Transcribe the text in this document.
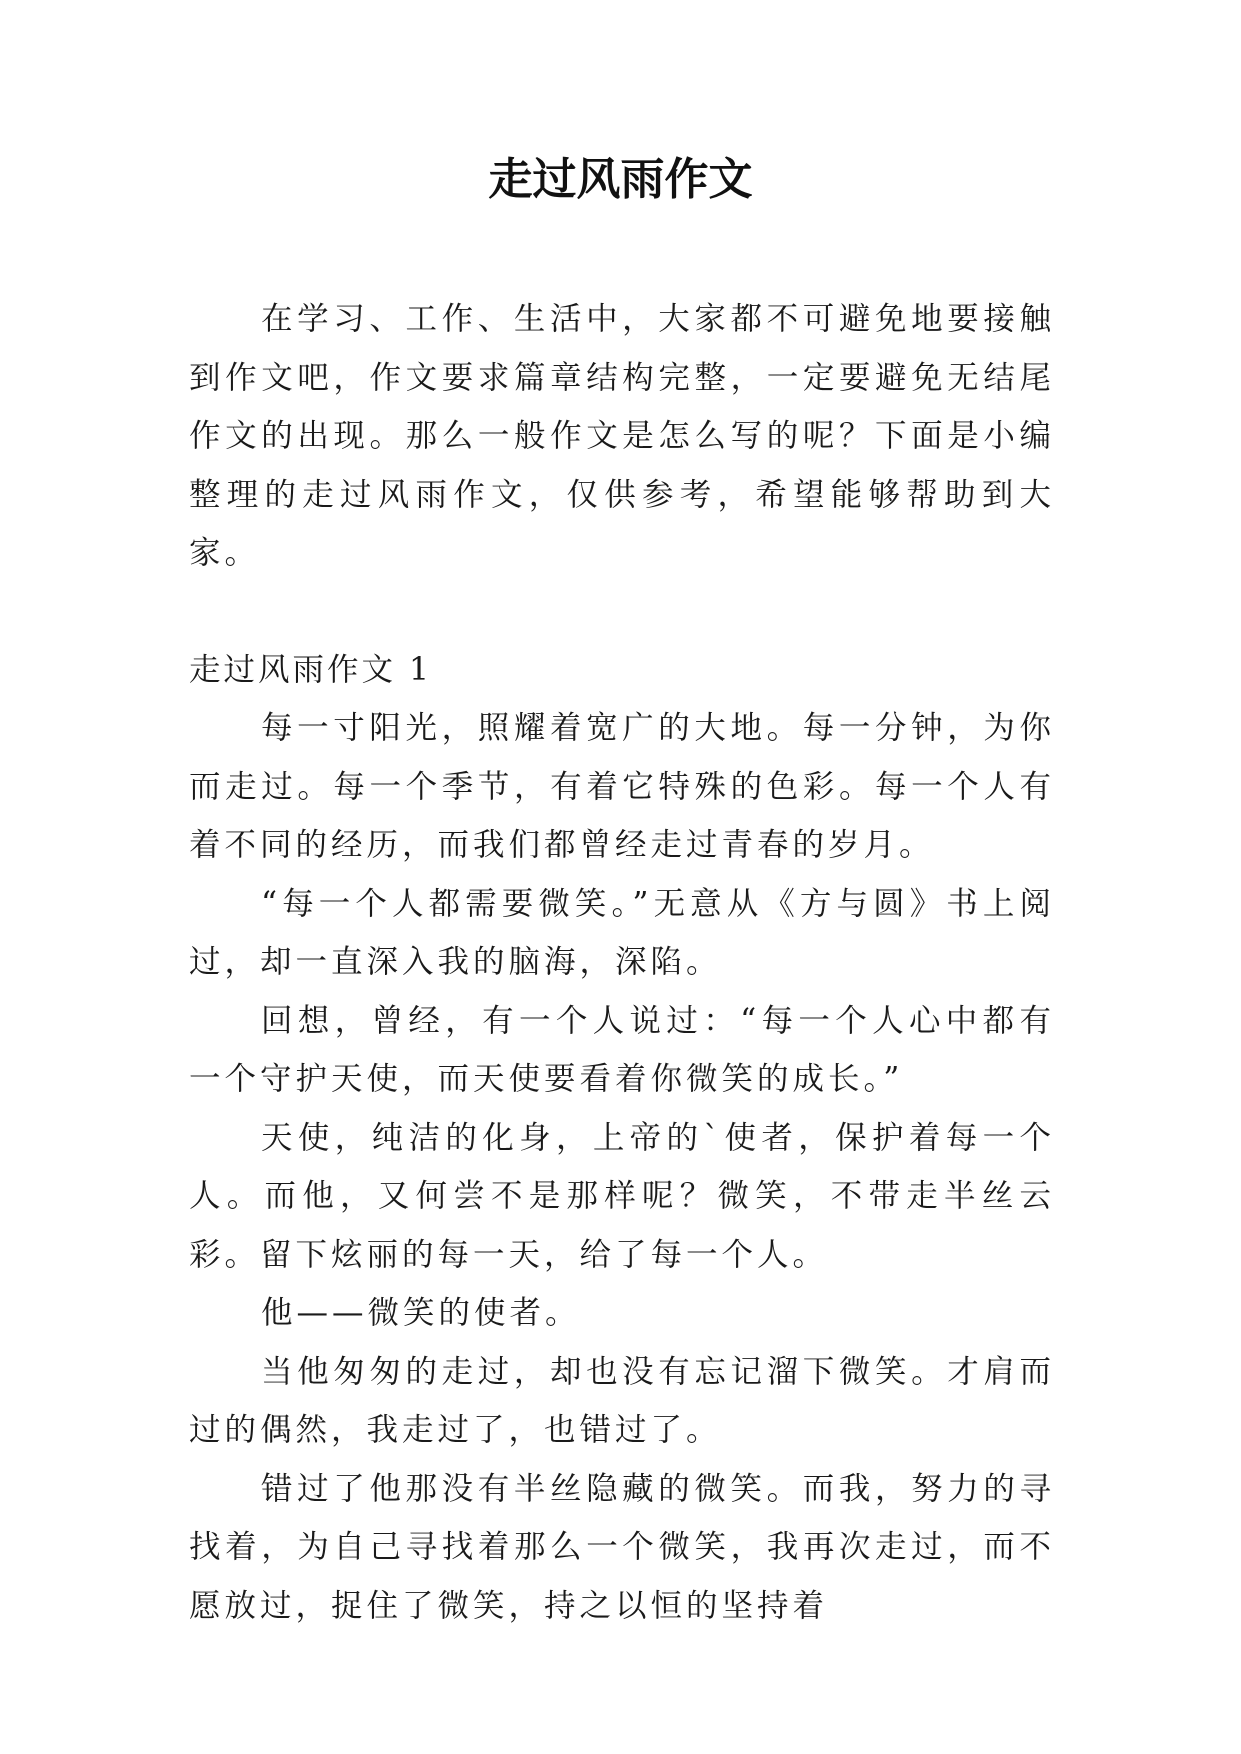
走过风雨作文

在学习、工作、生活中，大家都不可避免地要接触到作文吧，作文要求篇章结构完整，一定要避免无结尾作文的出现。那么一般作文是怎么写的呢？下面是小编整理的走过风雨作文，仅供参考，希望能够帮助到大家。

走过风雨作文 1

每一寸阳光，照耀着宽广的大地。每一分钟，为你而走过。每一个季节，有着它特殊的色彩。每一个人有着不同的经历，而我们都曾经走过青春的岁月。

“每一个人都需要微笑。”无意从《方与圆》书上阅过，却一直深入我的脑海，深陷。

回想，曾经，有一个人说过：“每一个人心中都有一个守护天使，而天使要看着你微笑的成长。”

天使，纯洁的化身，上帝的`使者，保护着每一个人。而他，又何尝不是那样呢？微笑，不带走半丝云彩。留下炫丽的每一天，给了每一个人。

他——微笑的使者。

当他匆匆的走过，却也没有忘记溜下微笑。才肩而过的偶然，我走过了，也错过了。

错过了他那没有半丝隐藏的微笑。而我，努力的寻找着，为自己寻找着那么一个微笑，我再次走过，而不愿放过，捉住了微笑，持之以恒的坚持着
